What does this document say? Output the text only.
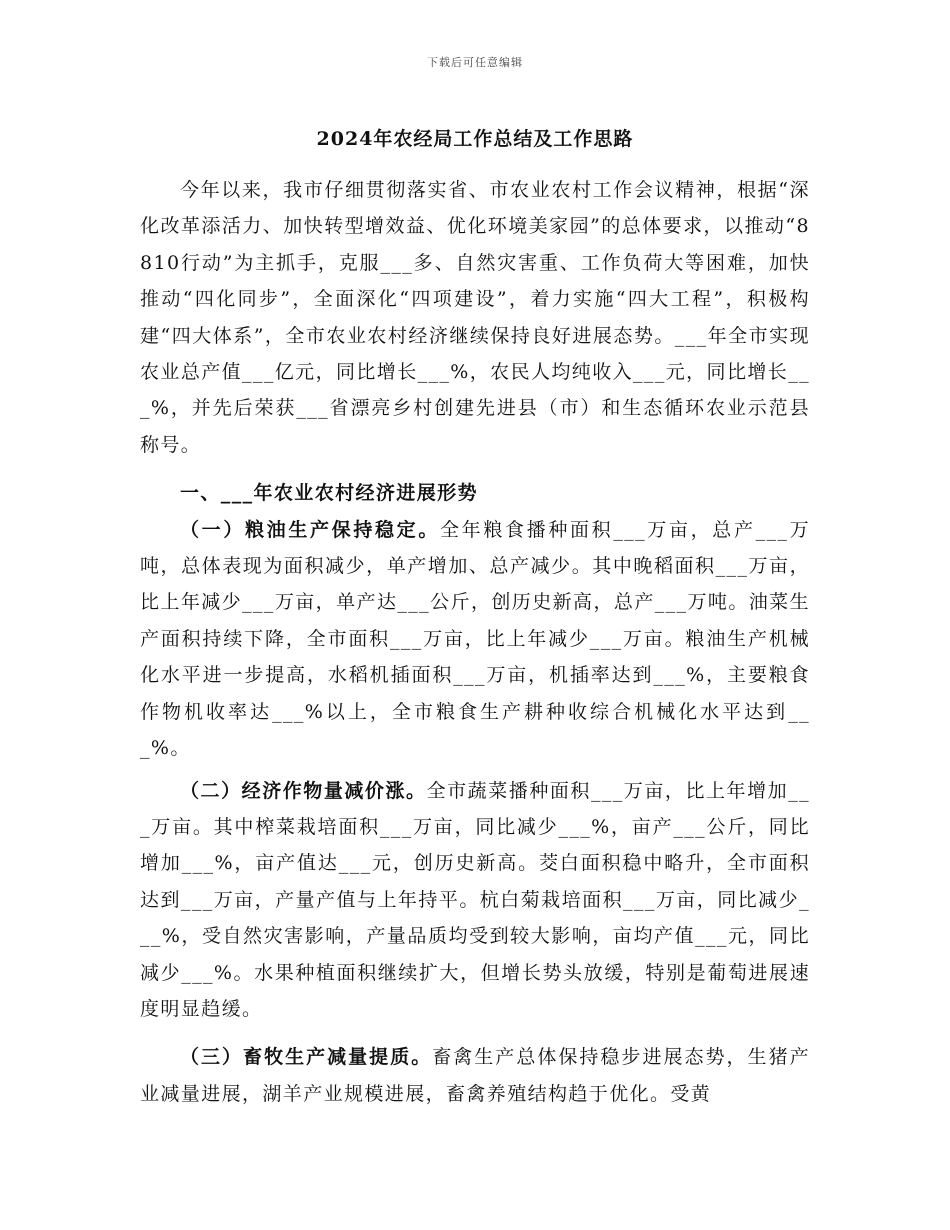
下载后可任意编辑
2024年农经局工作总结及工作思路

今年以来，我市仔细贯彻落实省、市农业农村工作会议精神，根据“深化改革添活力、加快转型增效益、优化环境美家园”的总体要求，以推动“8810行动”为主抓手，克服___多、自然灾害重、工作负荷大等困难，加快推动“四化同步”，全面深化“四项建设”，着力实施“四大工程”，积极构建“四大体系”，全市农业农村经济继续保持良好进展态势。___年全市实现农业总产值___亿元，同比增长___%，农民人均纯收入___元，同比增长___%，并先后荣获___省漂亮乡村创建先进县（市）和生态循环农业示范县称号。

一、___年农业农村经济进展形势

（一）粮油生产保持稳定。全年粮食播种面积___万亩，总产___万吨，总体表现为面积减少，单产增加、总产减少。其中晚稻面积___万亩，比上年减少___万亩，单产达___公斤，创历史新高，总产___万吨。油菜生产面积持续下降，全市面积___万亩，比上年减少___万亩。粮油生产机械化水平进一步提高，水稻机插面积___万亩，机插率达到___%，主要粮食作物机收率达___%以上，全市粮食生产耕种收综合机械化水平达到___%。

（二）经济作物量减价涨。全市蔬菜播种面积___万亩，比上年增加___万亩。其中榨菜栽培面积___万亩，同比减少___%，亩产___公斤，同比增加___%，亩产值达___元，创历史新高。茭白面积稳中略升，全市面积达到___万亩，产量产值与上年持平。杭白菊栽培面积___万亩，同比减少___%，受自然灾害影响，产量品质均受到较大影响，亩均产值___元，同比减少___%。水果种植面积继续扩大，但增长势头放缓，特别是葡萄进展速度明显趋缓。

（三）畜牧生产减量提质。畜禽生产总体保持稳步进展态势，生猪产业减量进展，湖羊产业规模进展，畜禽养殖结构趋于优化。受黄
